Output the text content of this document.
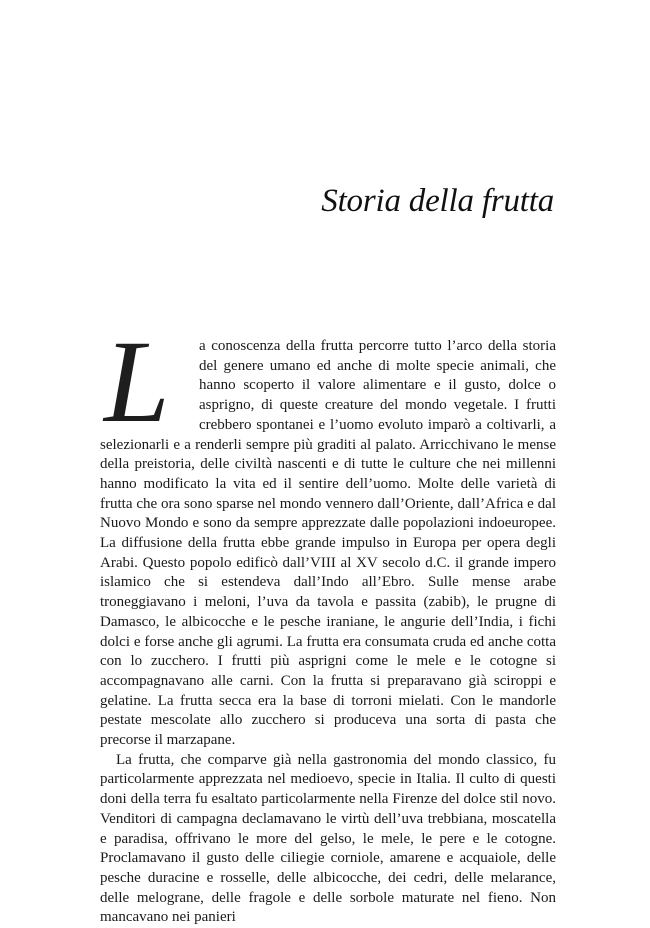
Storia della frutta

L a conoscenza della frutta percorre tutto l’arco della storia del genere umano ed anche di molte specie animali, che hanno scoperto il valore alimentare e il gusto, dolce o asprigno, di queste creature del mondo vegetale. I frutti crebbero spontanei e l’uomo evoluto imparò a coltivarli, a selezionarli e a renderli sempre più graditi al palato. Arricchivano le mense della preistoria, delle civiltà nascenti e di tutte le culture che nei millenni hanno modificato la vita ed il sentire dell’uomo. Molte delle varietà di frutta che ora sono sparse nel mondo vennero dall’Oriente, dall’Africa e dal Nuovo Mondo e sono da sempre apprezzate dalle popolazioni indoeuropee. La diffusione della frutta ebbe grande impulso in Europa per opera degli Arabi. Questo popolo edificò dall’VIII al XV secolo d.C. il grande impero islamico che si estendeva dall’Indo all’Ebro. Sulle mense arabe troneggiavano i meloni, l’uva da tavola e passita (zabib), le prugne di Damasco, le albicocche e le pesche iraniane, le angurie dell’India, i fichi dolci e forse anche gli agrumi. La frutta era consumata cruda ed anche cotta con lo zucchero. I frutti più asprigni come le mele e le cotogne si accompagnavano alle carni. Con la frutta si preparavano già sciroppi e gelatine. La frutta secca era la base di torroni mielati. Con le mandorle pestate mescolate allo zucchero si produceva una sorta di pasta che precorse il marzapane.

La frutta, che comparve già nella gastronomia del mondo classico, fu particolarmente apprezzata nel medioevo, specie in Italia. Il culto di questi doni della terra fu esaltato particolarmente nella Firenze del dolce stil novo. Venditori di campagna declamavano le virtù dell’uva trebbiana, moscatella e paradisa, offrivano le more del gelso, le mele, le pere e le cotogne. Proclamavano il gusto delle ciliegie corniole, amarene e acquaiole, delle pesche duracine e rosselle, delle albicocche, dei cedri, delle melarance, delle melograne, delle fragole e delle sorbole maturate nel fieno. Non mancavano nei panieri
